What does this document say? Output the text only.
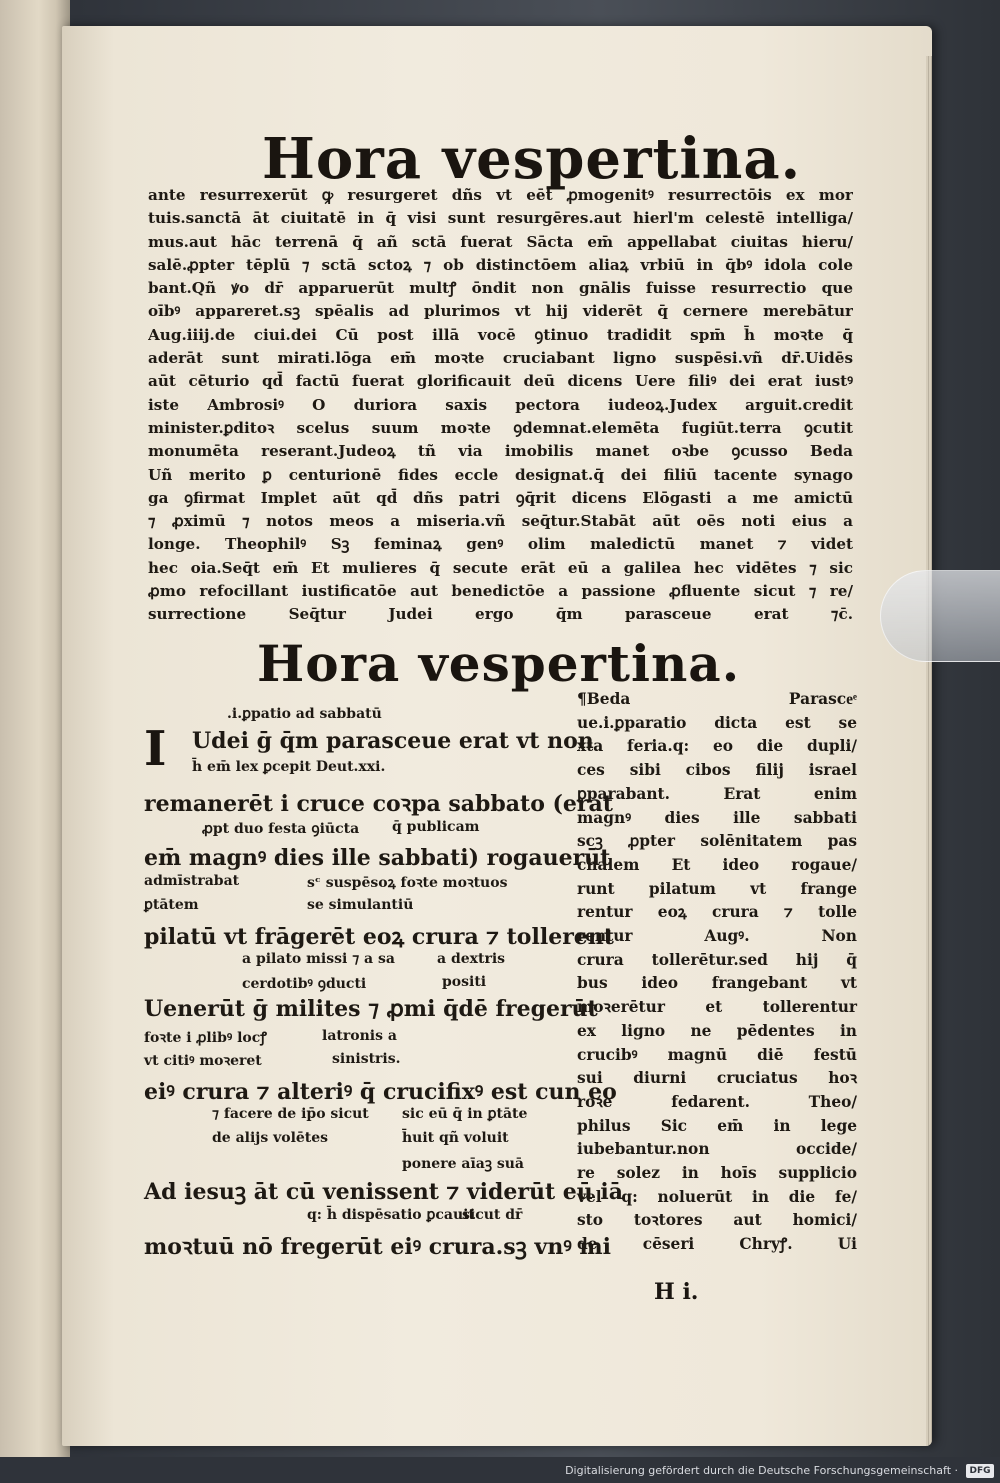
Hora vespertina.
ante resurrexerūt ꝙ resurgeret dñs vt eēt ꝓmogenitꝰ resurrectōis ex mor
tuis.sanctā āt ciuitatē in q̄ visi sunt resurgēres.aut hierl'm celestē intelliga/
mus.aut hāc terrenā q̄ añ sctā fuerat Sācta em̄ appellabat ciuitas hieru/
salē.ꝓpter tēplū ⁊ sctā sctoꝝ ⁊ ob distinctōem aliaꝝ vrbiū in q̄bꝰ idola cole
bant.Qñ ꝟo dr̄ apparuerūt multꝭ ōndit non gnālis fuisse resurrectio que
oībꝰ appareret.sꝫ spēalis ad plurimos vt hij viderēt q̄ cernere merebātur
Aug.iiij.de ciui.dei Cū post illā vocē ꝯtinuo tradidit spm̄ h̄ moꝛte q̄
aderāt sunt mirati.lōga em̄ moꝛte cruciabant ligno suspēsi.vñ dr̄.Uidēs
aūt cēturio qd̄ factū fuerat glorificauit deū dicens Uere filiꝰ dei erat iustꝰ
iste Ambrosiꝰ O duriora saxis pectora iudeoꝝ.Judex arguit.credit
minister.ꝑditoꝛ scelus suum moꝛte ꝯdemnat.elemēta fugiūt.terra ꝯcutit
monumēta reserant.Judeoꝝ tñ via imobilis manet oꝛbe ꝯcusso Beda
Uñ merito ꝑ centurionē fides eccle designat.q̄ dei filiū tacente synago
ga ꝯfirmat Implet aūt qd̄ dñs patri ꝯq̄rit dicens Elōgasti a me amictū
⁊ ꝓximū ⁊ notos meos a miseria.vñ seq̄tur.Stabāt aūt oēs noti eius a
longe. Theophilꝰ Sꝫ feminaꝝ genꝰ olim maledictū manet ⁊ videt
hec oia.Seq̄t em̄ Et mulieres q̄ secute erāt eū a galilea hec vidētes ⁊ sic
ꝓmo refocillant iustificatōe aut benedictōe a passione ꝓfluente sicut ⁊ re/
surrectione Seq̄tur Judei ergo q̄m parasceue erat ⁊c̄.
Hora vespertina.
.i.ꝑpatio ad sabbatū
I	Udei ḡ q̄m parasceue erat vt non
h̄ em̄ lex ꝑcepit Deut.xxi.
remanerēt i cruce coꝛpa sabbato (erat
ꝓpt duo festa ꝯiūcta q̄ publicam
em̄ magnꝰ dies ille sabbati) rogauerūt
admīstrabat	sᶜ suspēsoꝝ foꝛte moꝛtuos
ꝑtātem	se simulantiū
pilatū vt frāgerēt eoꝝ crura ⁊ tollerent
a pilato missi ⁊ a sa	a dextris
cerdotibꝰ ꝯducti	positi
Uenerūt ḡ milites ⁊ ꝓmi q̄dē fregerūt
foꝛte i ꝓlibꝰ locꝭ	latronis a
vt citiꝰ moꝛeret	sinistris.
eiꝰ crura ⁊ alteriꝰ q̄ crucifixꝰ est cun eo
⁊ facere de ip̄o sicut sic eū q̄ in ꝑtāte
de alijs volētes	h̄uit qñ voluit
ponere aīaꝫ suā
Ad iesuꝫ āt cū venissent ⁊ viderūt eū iā
q: h̄ dispēsatio ꝑcauit
sicut dr̄
moꝛtuū nō fregerūt eiꝰ crura.sꝫ vnꝰ mi
¶Beda Parasceͤ
ue.i.ꝑparatio dicta est se
xta feria.q: eo die dupli/
ces sibi cibos filij israel
ꝑparabant. Erat enim
magnꝰ dies ille sabbati
scꝫ ꝓpter solēnitatem pas
chalem Et ideo rogaue/
runt pilatum vt frange
rentur eoꝝ crura ⁊ tolle
rentur Augꝰ. Non
crura tollerētur.sed hij q̄
bus ideo frangebant vt
moꝛerētur et tollerentur
ex ligno ne pēdentes in
crucibꝰ magnū diē festū
sui diurni cruciatus hoꝛ
roꝛe fedarent. Theo/
philus Sic em̄ in lege
iubebantur.non occide/
re solez in hoīs supplicio
vel q: noluerūt in die fe/
sto toꝛtores aut homici/
de cēseri Chryꝭ. Ui
H i.
Digitalisierung gefördert durch die Deutsche Forschungsgemeinschaft ·	DFG
